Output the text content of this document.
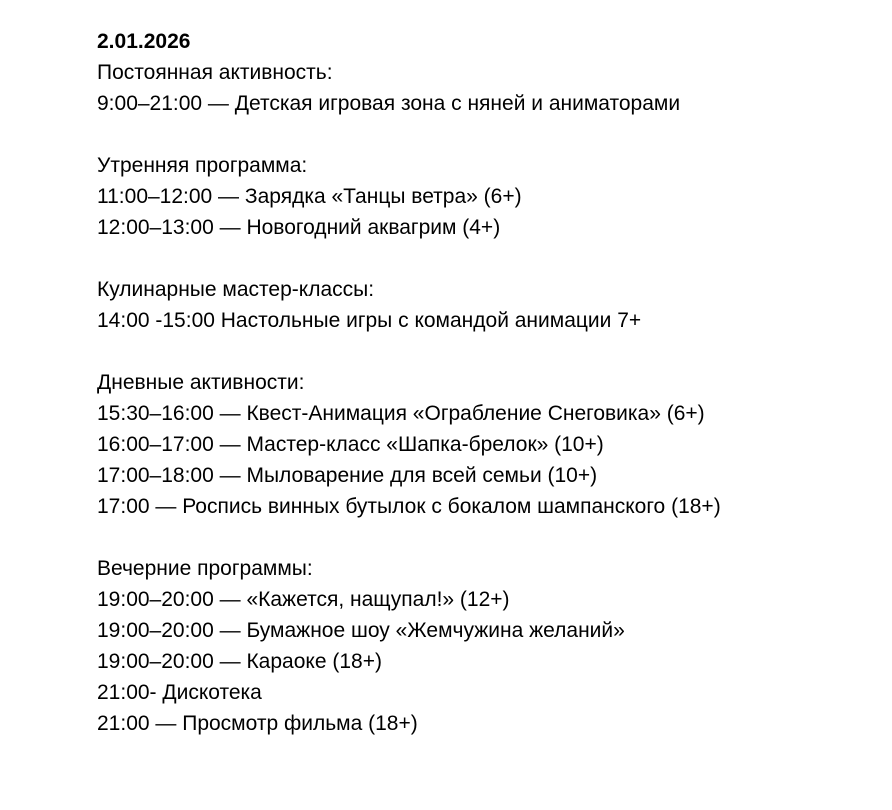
2.01.2026
Постоянная активность:
9:00–21:00 — Детская игровая зона с няней и аниматорами
Утренняя программа:
11:00–12:00 — Зарядка «Танцы ветра» (6+)
12:00–13:00 — Новогодний аквагрим (4+)
Кулинарные мастер-классы:
14:00 -15:00 Настольные игры с командой анимации 7+
Дневные активности:
15:30–16:00 — Квест-Анимация «Ограбление Снеговика» (6+)
16:00–17:00 — Мастер-класс «Шапка-брелок» (10+)
17:00–18:00 — Мыловарение для всей семьи (10+)
17:00 — Роспись винных бутылок с бокалом шампанского (18+)
Вечерние программы:
19:00–20:00 — «Кажется, нащупал!» (12+)
19:00–20:00 — Бумажное шоу «Жемчужина желаний»
19:00–20:00 — Караоке (18+)
21:00- Дискотека
21:00 — Просмотр фильма (18+)
